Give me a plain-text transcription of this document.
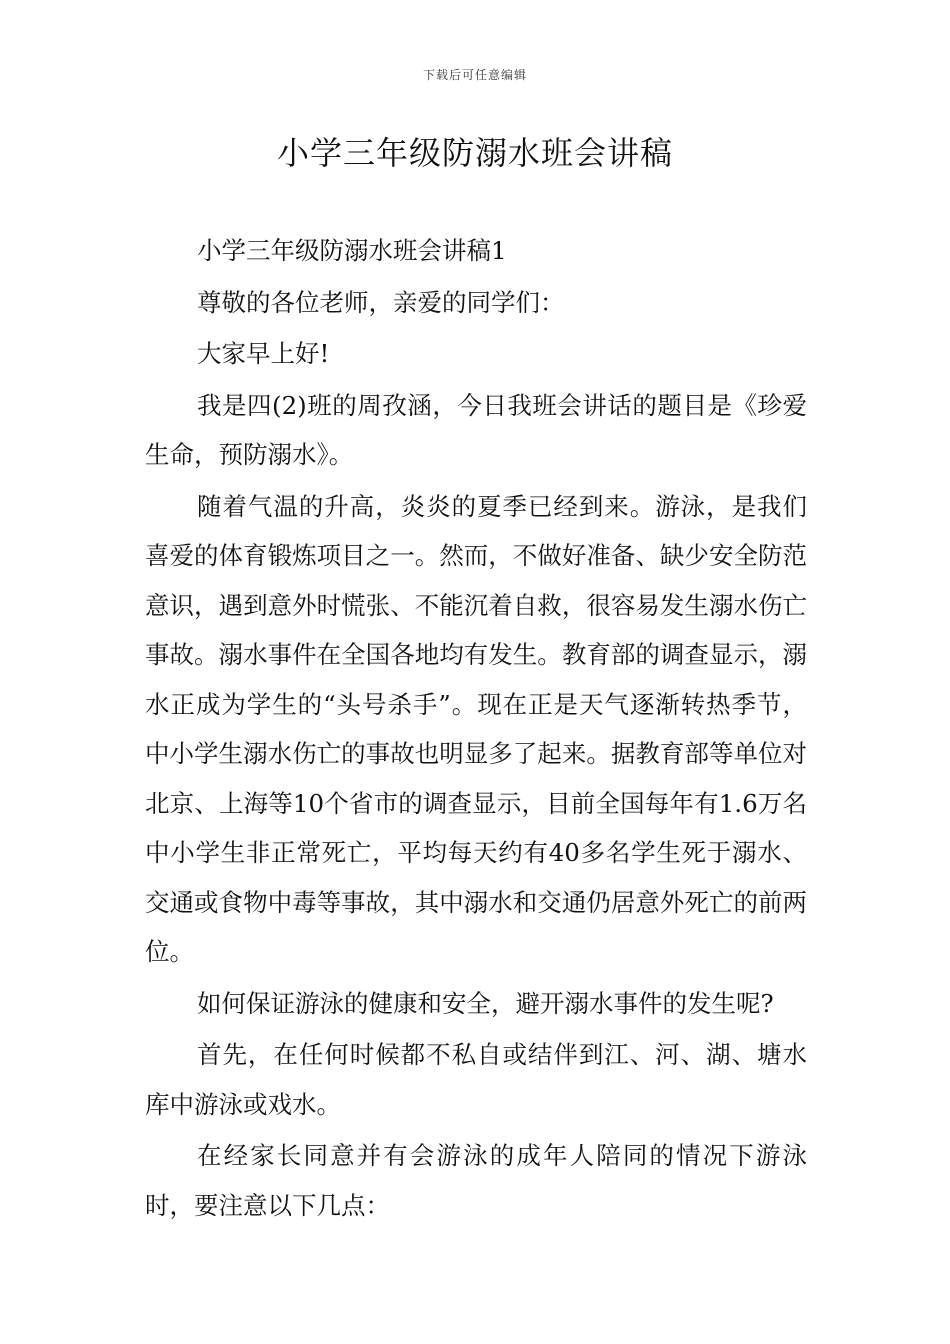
下载后可任意编辑
小学三年级防溺水班会讲稿

小学三年级防溺水班会讲稿1

尊敬的各位老师，亲爱的同学们：

大家早上好!

我是四(2)班的周孜涵，今日我班会讲话的题目是《珍爱生命，预防溺水》。

随着气温的升高，炎炎的夏季已经到来。游泳，是我们喜爱的体育锻炼项目之一。然而，不做好准备、缺少安全防范意识，遇到意外时慌张、不能沉着自救，很容易发生溺水伤亡事故。溺水事件在全国各地均有发生。教育部的调查显示，溺水正成为学生的“头号杀手”。现在正是天气逐渐转热季节，中小学生溺水伤亡的事故也明显多了起来。据教育部等单位对北京、上海等10个省市的调查显示，目前全国每年有1.6万名中小学生非正常死亡，平均每天约有40多名学生死于溺水、交通或食物中毒等事故，其中溺水和交通仍居意外死亡的前两位。

如何保证游泳的健康和安全，避开溺水事件的发生呢?

首先，在任何时候都不私自或结伴到江、河、湖、塘水库中游泳或戏水。

在经家长同意并有会游泳的成年人陪同的情况下游泳时，要注意以下几点：
